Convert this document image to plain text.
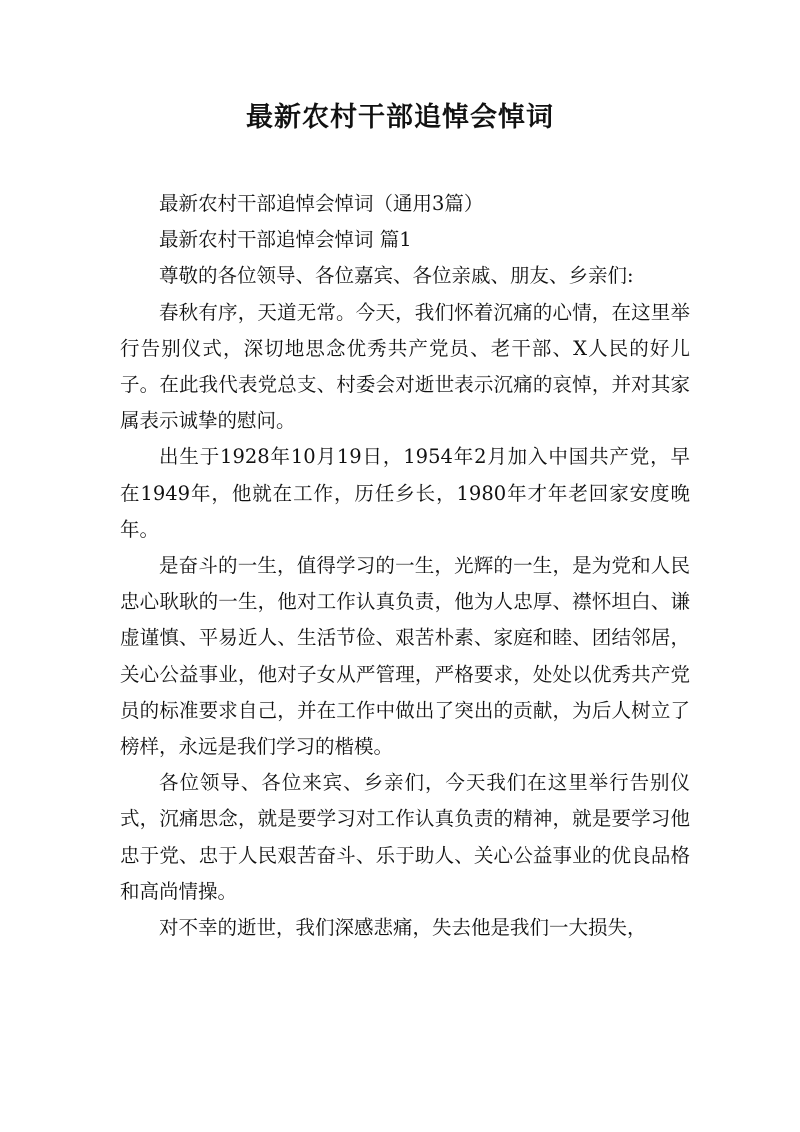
最新农村干部追悼会悼词

最新农村干部追悼会悼词（通用3篇）

最新农村干部追悼会悼词 篇1

尊敬的各位领导、各位嘉宾、各位亲戚、朋友、乡亲们:

春秋有序，天道无常。今天，我们怀着沉痛的心情，在这里举行告别仪式，深切地思念优秀共产党员、老干部、X人民的好儿子。在此我代表党总支、村委会对逝世表示沉痛的哀悼，并对其家属表示诚挚的慰问。

出生于1928年10月19日，1954年2月加入中国共产党，早在1949年，他就在工作，历任乡长，1980年才年老回家安度晚年。

是奋斗的一生，值得学习的一生，光辉的一生，是为党和人民忠心耿耿的一生，他对工作认真负责，他为人忠厚、襟怀坦白、谦虚谨慎、平易近人、生活节俭、艰苦朴素、家庭和睦、团结邻居，关心公益事业，他对子女从严管理，严格要求，处处以优秀共产党员的标准要求自己，并在工作中做出了突出的贡献，为后人树立了榜样，永远是我们学习的楷模。

各位领导、各位来宾、乡亲们，今天我们在这里举行告别仪式，沉痛思念，就是要学习对工作认真负责的精神，就是要学习他忠于党、忠于人民艰苦奋斗、乐于助人、关心公益事业的优良品格和高尚情操。

对不幸的逝世，我们深感悲痛，失去他是我们一大损失，
